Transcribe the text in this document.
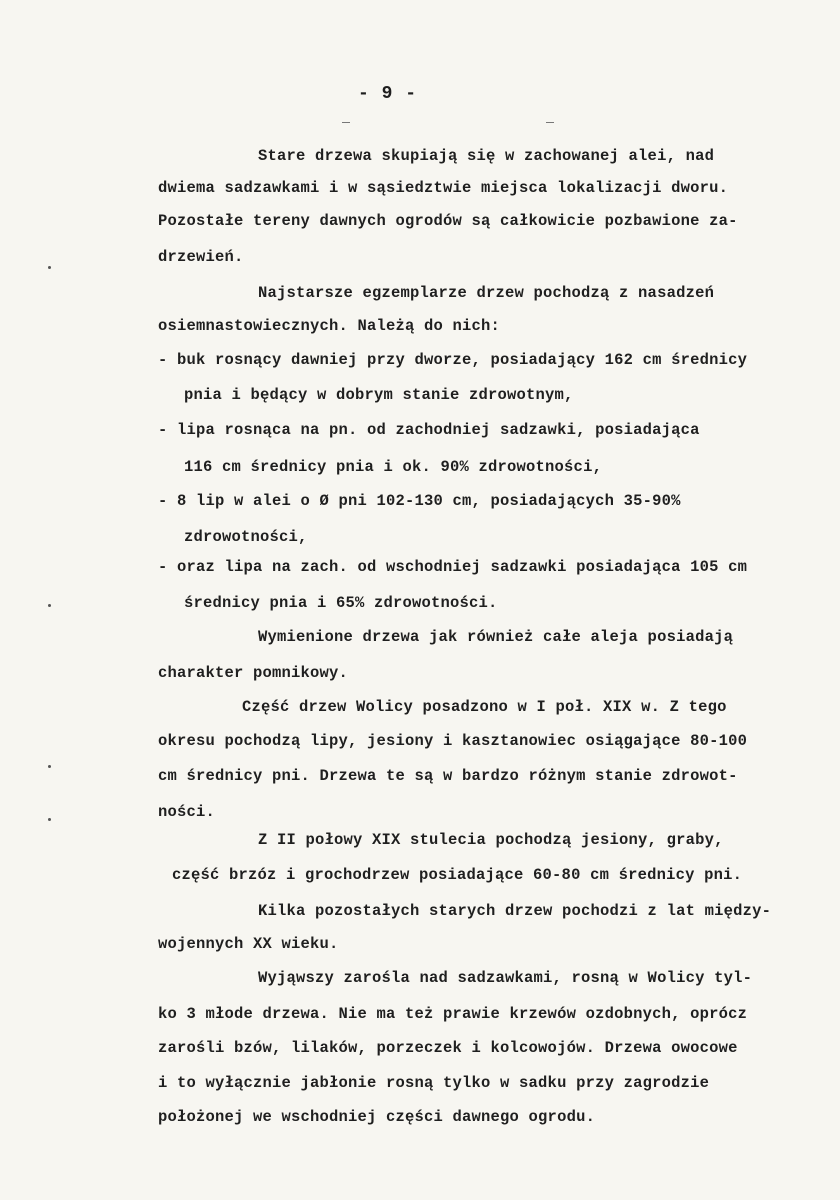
- 9 -
Stare drzewa skupiają się w zachowanej alei, nad
dwiema sadzawkami i w sąsiedztwie miejsca lokalizacji dworu.
Pozostałe tereny dawnych ogrodów są całkowicie pozbawione za-
drzewień.
Najstarsze egzemplarze drzew pochodzą z nasadzeń
osiemnastowiecznych. Należą do nich:
- buk rosnący dawniej przy dworze, posiadający 162 cm średnicy
pnia i będący w dobrym stanie zdrowotnym,
- lipa rosnąca na pn. od zachodniej sadzawki, posiadająca
116 cm średnicy pnia i ok. 90% zdrowotności,
- 8 lip w alei o Ø pni 102-130 cm, posiadających 35-90%
zdrowotności,
- oraz lipa na zach. od wschodniej sadzawki posiadająca 105 cm
średnicy pnia i 65% zdrowotności.
Wymienione drzewa jak również całe aleja posiadają
charakter pomnikowy.
Część drzew Wolicy posadzono w I poł. XIX w. Z tego
okresu pochodzą lipy, jesiony i kasztanowiec osiągające 80-100
cm średnicy pni. Drzewa te są w bardzo różnym stanie zdrowot-
ności.
Z II połowy XIX stulecia pochodzą jesiony, graby,
część brzóz i grochodrzew posiadające 60-80 cm średnicy pni.
Kilka pozostałych starych drzew pochodzi z lat między-
wojennych XX wieku.
Wyjąwszy zarośla nad sadzawkami, rosną w Wolicy tyl-
ko 3 młode drzewa. Nie ma też prawie krzewów ozdobnych, oprócz
zarośli bzów, lilaków, porzeczek i kolcowojów. Drzewa owocowe
i to wyłącznie jabłonie rosną tylko w sadku przy zagrodzie
położonej we wschodniej części dawnego ogrodu.
